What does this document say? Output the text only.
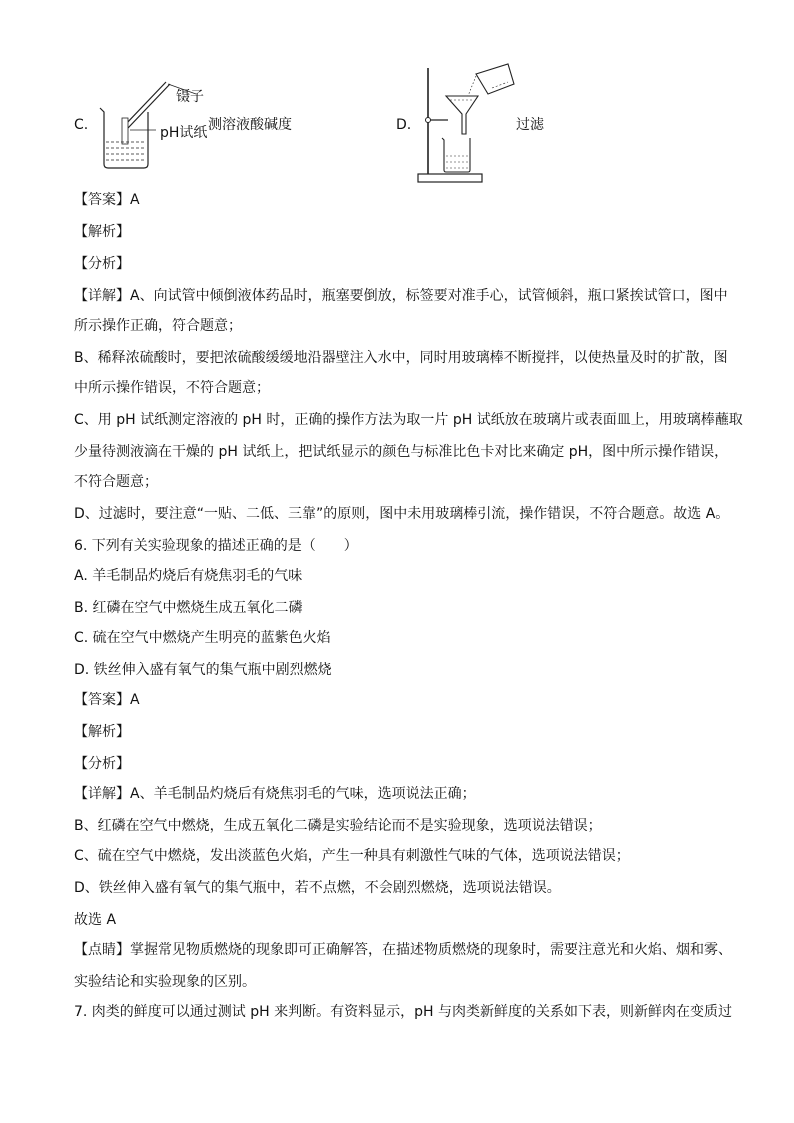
C.
镊子
pH试纸 测溶液酸碱度	D.	过滤
【答案】A
【解析】
【分析】
【详解】A、向试管中倾倒液体药品时，瓶塞要倒放，标签要对准手心，试管倾斜，瓶口紧挨试管口，图中
所示操作正确，符合题意；
B、稀释浓硫酸时，要把浓硫酸缓缓地沿器壁注入水中，同时用玻璃棒不断搅拌，以使热量及时的扩散，图
中所示操作错误，不符合题意；
C、用 pH 试纸测定溶液的 pH 时，正确的操作方法为取一片 pH 试纸放在玻璃片或表面皿上，用玻璃棒蘸取
少量待测液滴在干燥的 pH 试纸上，把试纸显示的颜色与标准比色卡对比来确定 pH，图中所示操作错误，
不符合题意；
D、过滤时，要注意“一贴、二低、三靠”的原则，图中未用玻璃棒引流，操作错误，不符合题意。故选 A。
6. 下列有关实验现象的描述正确的是（　　）
A. 羊毛制品灼烧后有烧焦羽毛的气味
B. 红磷在空气中燃烧生成五氧化二磷
C. 硫在空气中燃烧产生明亮的蓝紫色火焰
D. 铁丝伸入盛有氧气的集气瓶中剧烈燃烧
【答案】A
【解析】
【分析】
【详解】A、羊毛制品灼烧后有烧焦羽毛的气味，选项说法正确；
B、红磷在空气中燃烧，生成五氧化二磷是实验结论而不是实验现象，选项说法错误；
C、硫在空气中燃烧，发出淡蓝色火焰，产生一种具有刺激性气味的气体，选项说法错误；
D、铁丝伸入盛有氧气的集气瓶中，若不点燃，不会剧烈燃烧，选项说法错误。
故选 A
【点睛】掌握常见物质燃烧的现象即可正确解答，在描述物质燃烧的现象时，需要注意光和火焰、烟和雾、
实验结论和实验现象的区别。
7. 肉类的鲜度可以通过测试 pH 来判断。有资料显示，pH 与肉类新鲜度的关系如下表，则新鲜肉在变质过
